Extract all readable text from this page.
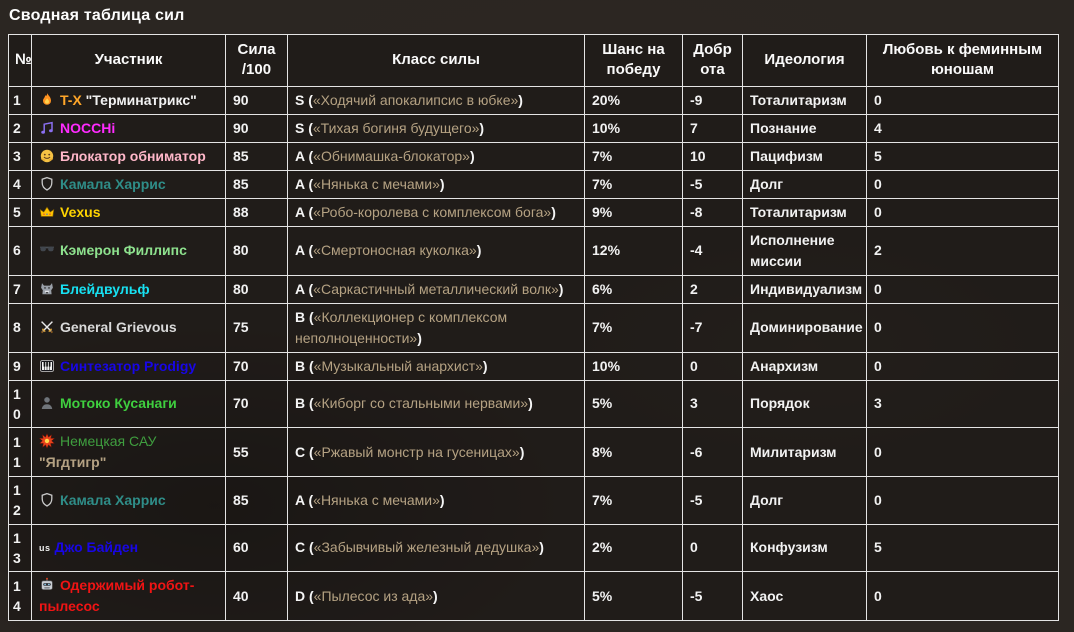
Сводная таблица сил
№	Участник	Сила /100	Класс силы	Шанс на победу	Доброта	Идеология	Любовь к феминным юношам
1	T-X "Терминатрикс"	90	S («Ходячий апокалипсис в юбке»)	20%	-9	Тоталитаризм	0
2	NOCCHi	90	S («Тихая богиня будущего»)	10%	7	Познание	4
3	Блокатор обниматор	85	A («Обнимашка-блокатор»)	7%	10	Пацифизм	5
4	Камала Харрис	85	A («Нянька с мечами»)	7%	-5	Долг	0
5	Vexus	88	A («Робо-королева с комплексом бога»)	9%	-8	Тоталитаризм	0
6	Кэмерон Филлипс	80	A («Смертоносная куколка»)	12%	-4	Исполнение миссии	2
7	Блейдвульф	80	A («Саркастичный металлический волк»)	6%	2	Индивидуализм	0
8	General Grievous	75	B («Коллекционер с комплексом неполноценности»)	7%	-7	Доминирование	0
9	Синтезатор Prodigy	70	B («Музыкальный анархист»)	10%	0	Анархизм	0
10	Мотоко Кусанаги	70	B («Киборг со стальными нервами»)	5%	3	Порядок	3
11	Немецкая САУ "Ягдтигр"	55	C («Ржавый монстр на гусеницах»)	8%	-6	Милитаризм	0
12	Камала Харрис	85	A («Нянька с мечами»)	7%	-5	Долг	0
13	us Джо Байден	60	C («Забывчивый железный дедушка»)	2%	0	Конфузизм	5
14	Одержимый робот-пылесос	40	D («Пылесос из ада»)	5%	-5	Хаос	0
